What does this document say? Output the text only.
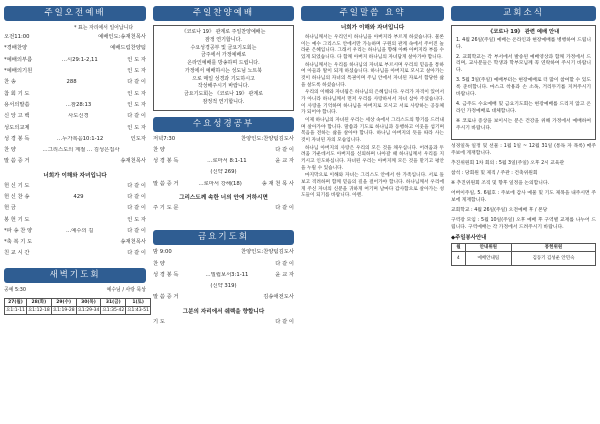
주일오전예배
* 표는 자리에서 일어납니다
오전11:00	예배인도:송재천목사
*경배찬양	예배드림찬양팀
*예배의부름	…시29:1-2,11	인 도 자
*예배의기원	인 도 자
찬 송	288	다 같 이
참 회 기 도	인 도 자
용서의말씀	…잠28:13	인 도 자
신 앙 고 백	사도신경	다 같 이
성도의교제	인 도 자
성 경 봉 독	…누가복음10:1-12	인도자
찬 양	…그리스도의 계절 … 김성은집사
말 씀 증 거	송재천목사
너희가 이해와 자녀입니다
헌 신 기 도	다 같 이
헌 신 찬 송	429	다 같 이
헌 금	다 같 이
봉 헌 기 도	인 도 자
*파 송 찬 양	…예수의 길	다 같 이
*축 복 기 도	송재천목사
친 교 시 간	다 같 이
새벽기도회
공예 5:30	예수님 / 사랑 묵상
27(월)	28(화)	29(수)	30(목)	31(금)	1(토)
요1:1-11	요1:12-18	요1:19-28	요1:29-34	요1:35-42	요1:43-51
주일찬양예배
《코로나 19》 관계로 주일찬양예배는
잠정 연기합니다.
수요성경공부 및 금요기도회는
금주에서 가정예배로
온라인예배를 방송하며 드립니다.
가정에서 예배하시는 성도님 노트북
으로 매일 성경과 기도하시고
작성해주시기 바랍니다.
금요기도회는 《코로나 19》 관계로
잠정적 연기합니다.
수요성경공부
저녁7:30	찬양인도:찬양팀김도사
찬 양	다 같 이
성 경 봉 독	…로마서 8:1-11	윤 교 자
(신약 269)
말 씀 증 거	…로마서 강해(18)	송 재 천 목 사
그리스도께 속한 너의 안에 거하시면
주 기 도 문	다 같 이
금요기도회
밤 9:00	찬양인도:찬양팀김도사
찬 양	다 같 이
성 경 봉 독	…빌립보서3:1-11	윤 교 자
(신약 319)
말 씀 증 거	김송애전도사
그분의 자리에서 쉐렉을 향합니다
기 도	다 같 이
주일말씀 요약
너희가 이해와 자녀입니다

하나님께서는 우리인이 하나님을 아버지라 부르게 하셨습니다. 물론 이는 예수 그리스도 안에서만 가능하며 구원의 관계 속에서 주어진 놀라운 은혜입니다. 그래서 우리는 하나님을 향해 아빠 아버지라 부를 수 있게 되었습니다. 다 함께 아버지 하나님의 자녀답게 살아가야 합니다.

하나님께서는 우리를 하나님의 자녀로 부르시며 우리의 믿음을 통하여 아들과 딸이 되게 하셨습니다. 하나님을 아버지로 모시고 살아가는 것이 하나님의 자녀의 특권이며 주님 안에서 자녀된 자로서 합당한 삶을 살도록 하셨습니다.

우리의 이해와 자녀됨은 하나님의 은혜입니다. 우리가 자격이 있어서가 아니라 하나님께서 먼저 우리를 사랑하셔서 자녀 삼아 주셨습니다. 이 사랑을 기억하며 하나님을 아버지로 모시고 서로 사랑하는 공동체가 되어야 합니다.

이제 하나님의 자녀된 우리는 세상 속에서 그리스도의 향기를 드러내며 살아가야 합니다. 말씀과 기도로 하나님과 동행하고 이웃을 섬기며 복음을 전하는 삶을 살아야 합니다. 하나님 아버지의 뜻을 따라 사는 것이 자녀된 자의 모습입니다.

하나님 아버지의 사랑은 우리의 모든 것을 채우십니다. 어려움과 두려움 가운데서도 아버지를 신뢰하며 나아갈 때 하나님께서 우리를 지키시고 인도하십니다. 자녀된 우리는 아버지께 모든 것을 맡기고 평안을 누릴 수 있습니다.

마지막으로 이해와 자녀는 그리스도 안에서 한 가족입니다. 서로 돌보고 격려하며 함께 믿음의 길을 걸어가야 합니다. 하나님께서 우리에게 주신 자녀의 신분을 귀하게 여기며 날마다 감사함으로 살아가는 성도들이 되기를 바랍니다. 아멘.

교회소식
《코로나 19》 관련 예배 안내

1. 4월 26일(주일) 예배는 온라인과 현장예배를 병행하여 드립니다.

2. 교회학교는 각 부서에서 발송된 예배영상과 함께 가정에서 드리며, 교사분들은 학생과 학부모님께 꼭 연락하여 주시기 바랍니다.

3. 5월 3일(주일) 예배부터는 현장예배로 더 많이 참여할 수 있도록 준비합니다. 마스크 착용과 손 소독, 거리두기를 지켜주시기 바랍니다.

4. 금주도 수요예배 및 금요기도회는 현장예배를 드리지 않고 온라인 가정예배로 대체합니다.

※ 코로나 증상을 보이시는 분은 건강을 위해 가정에서 예배하여 주시기 바랍니다.

성경일독 일정 및 선물 : 1월 1일 ~ 12월 31일 (통독 자 목록) 매주 주보에 게재합니다.

추진위원회 1차 회의 : 5월 3일(주일) 오후 2시 교육관

참석 : 당회원 및 제직 / 주관 : 건축위원회

※ 추진위원회 조직 및 향후 일정을 논의합니다.

어버이주일, 5. 6월호 : 주보에 감사 예물 및 기도 제목을 내주시면 주보에 게재합니다.

교회학교 : 4월 26일(주일) 오전예배 후 / 본당

구역장 모임 : 5월 10일(주일) 오후 예배 후 구역별 교재를 나누어 드립니다. 구역예배는 각 가정에서 드려주시기 바랍니다.

◆주일봉사안내
월	안내위원	봉헌위원
4	예배안내팀	김동기 김성운 안민숙
